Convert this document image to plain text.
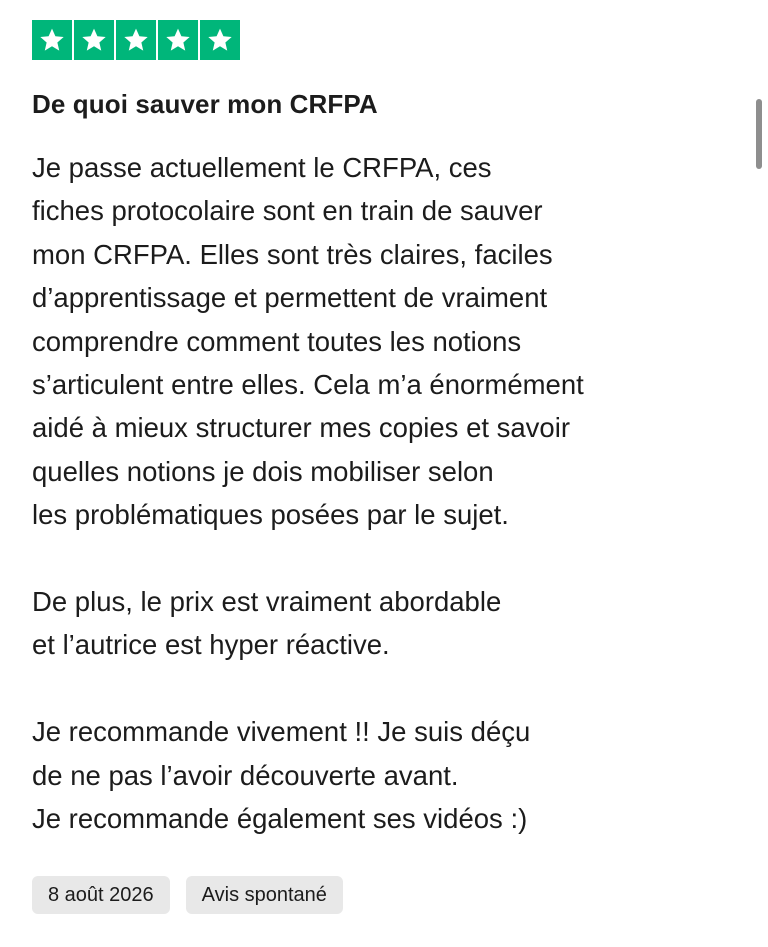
De quoi sauver mon CRFPA

Je passe actuellement le CRFPA, ces
fiches protocolaire sont en train de sauver
mon CRFPA. Elles sont très claires, faciles
d’apprentissage et permettent de vraiment
comprendre comment toutes les notions
s’articulent entre elles. Cela m’a énormément
aidé à mieux structurer mes copies et savoir
quelles notions je dois mobiliser selon
les problématiques posées par le sujet.

De plus, le prix est vraiment abordable
et l’autrice est hyper réactive.

Je recommande vivement !! Je suis déçu
de ne pas l’avoir découverte avant.
Je recommande également ses vidéos :)

8 août 2026	Avis spontané
